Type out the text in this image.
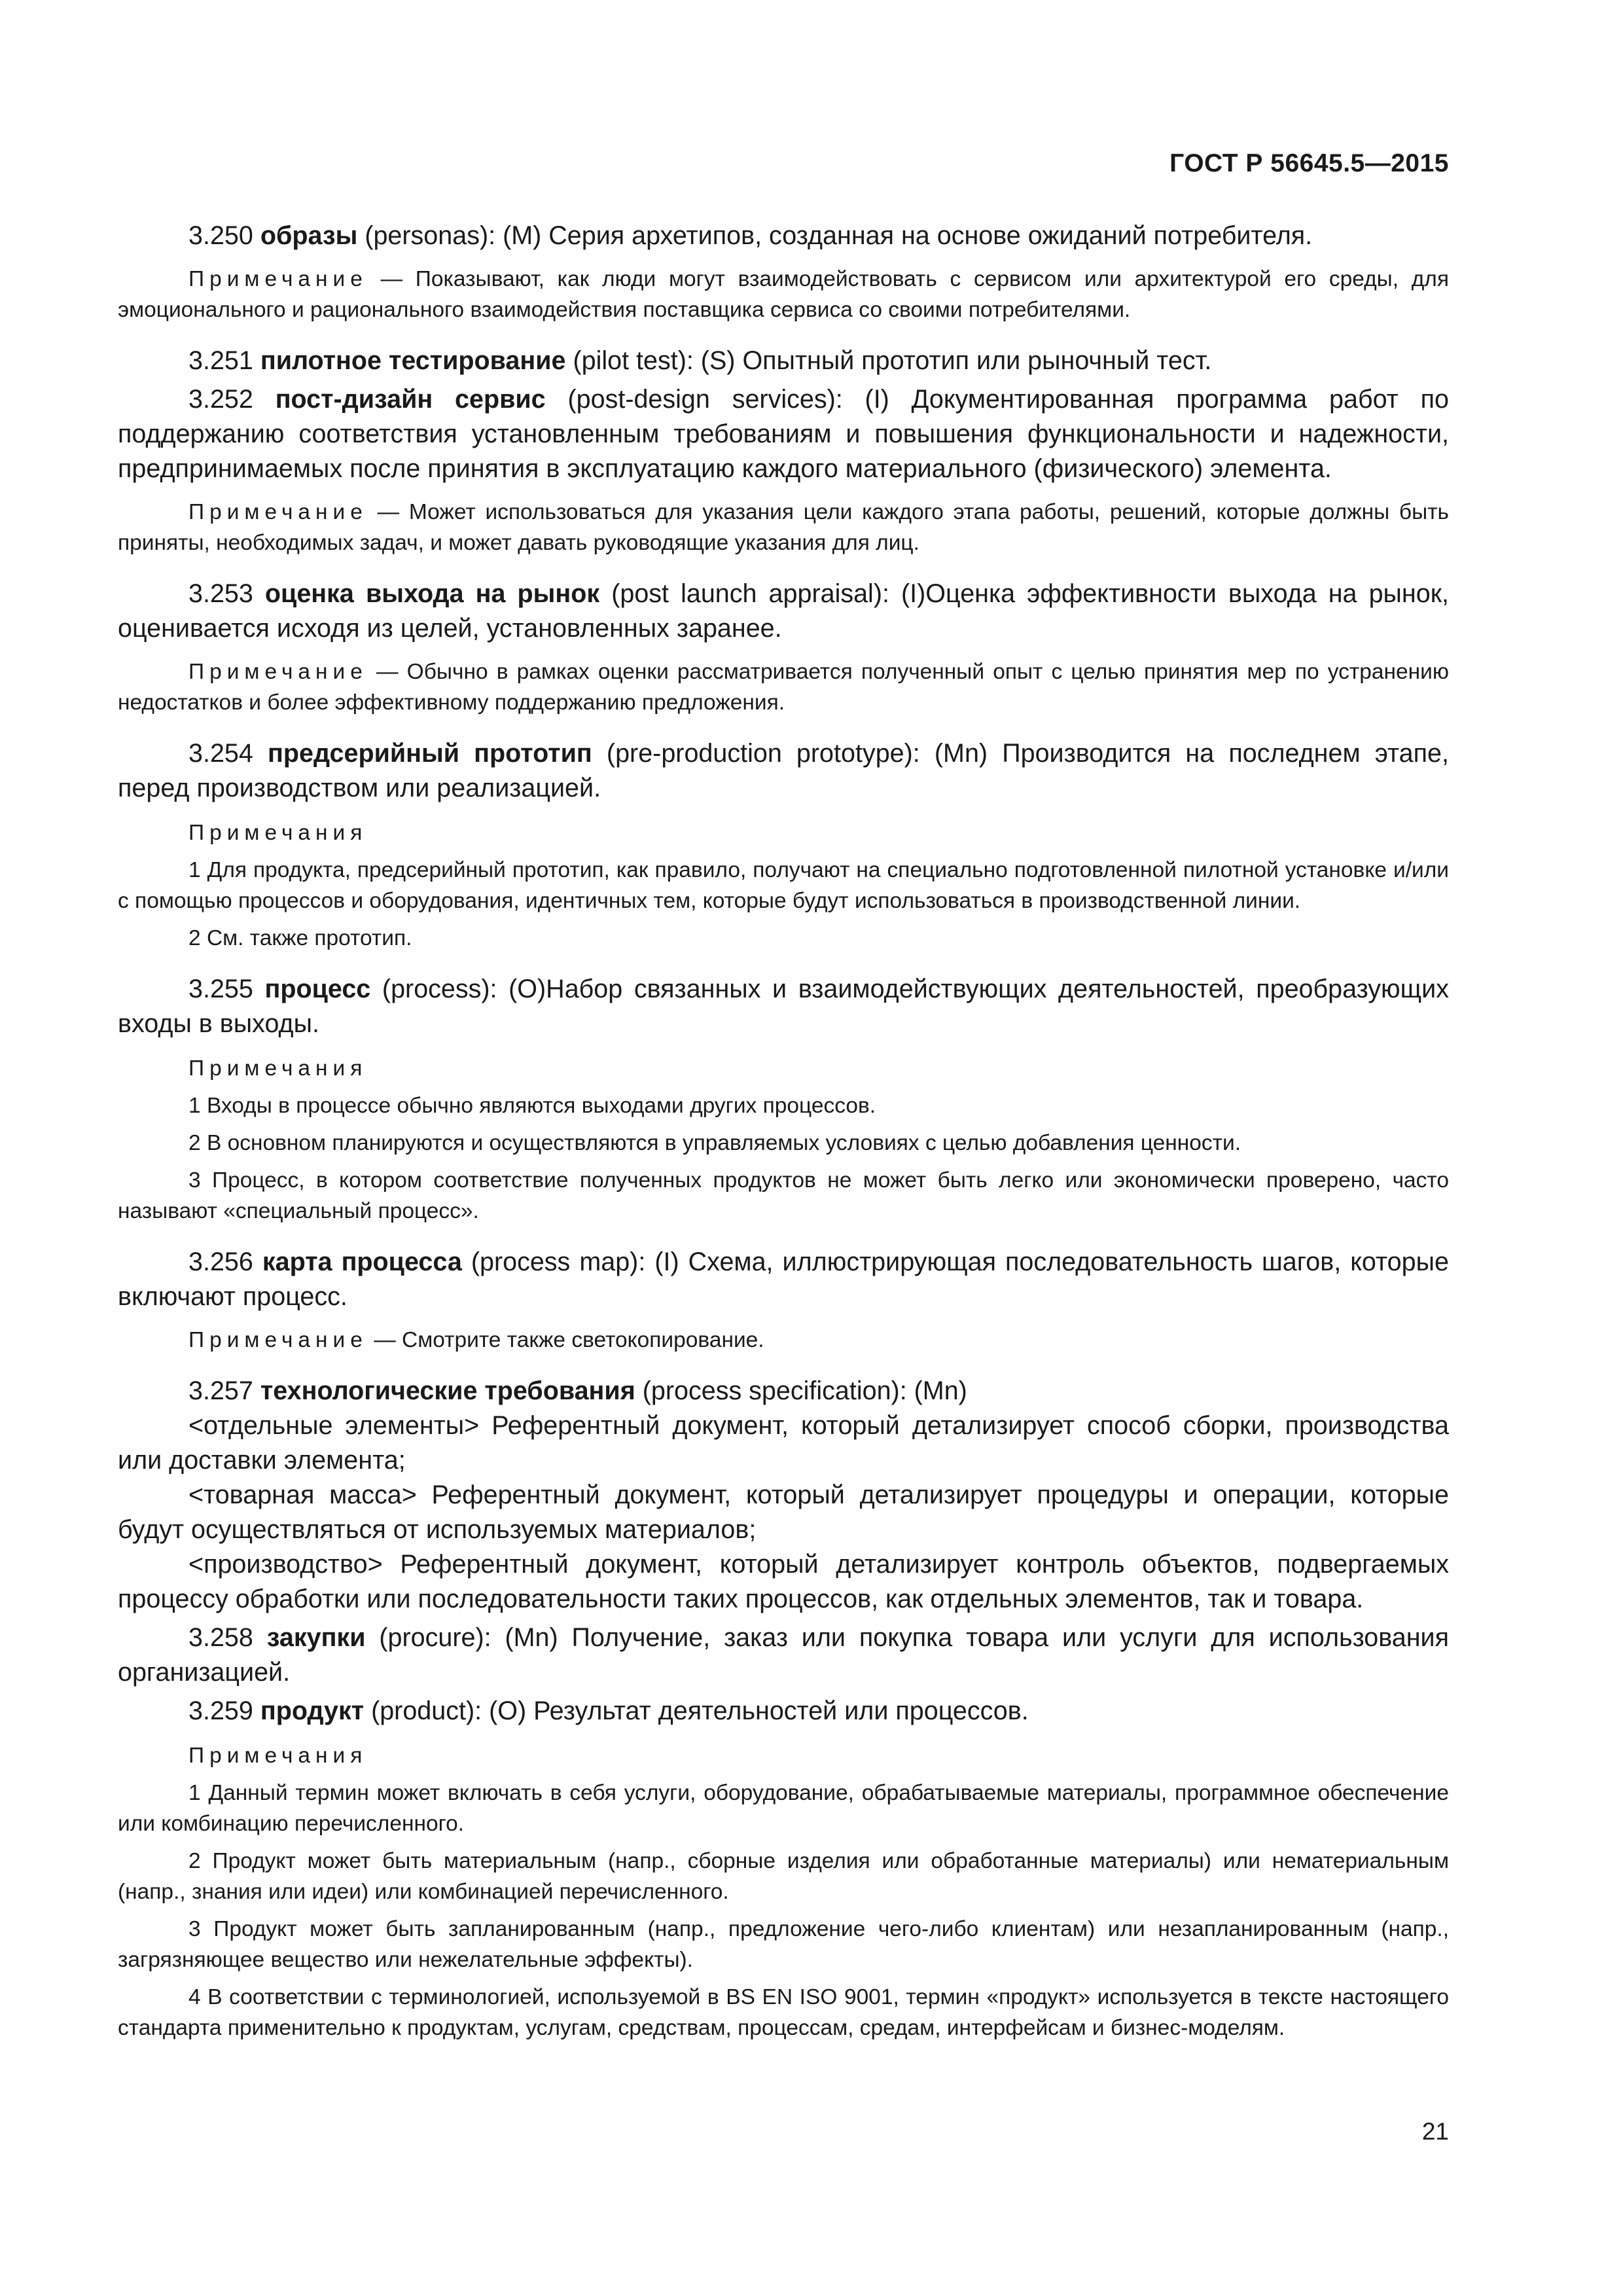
ГОСТ Р 56645.5—2015

3.250 образы (personas): (M) Серия архетипов, созданная на основе ожиданий потребителя.

Примечание — Показывают, как люди могут взаимодействовать с сервисом или архитектурой его среды, для эмоционального и рационального взаимодействия поставщика сервиса со своими потребителями.

3.251 пилотное тестирование (pilot test): (S) Опытный прототип или рыночный тест.

3.252 пост-дизайн сервис (post-design services): (I) Документированная программа работ по поддержанию соответствия установленным требованиям и повышения функциональности и надежности, предпринимаемых после принятия в эксплуатацию каждого материального (физического) элемента.

Примечание — Может использоваться для указания цели каждого этапа работы, решений, которые должны быть приняты, необходимых задач, и может давать руководящие указания для лиц.

3.253 оценка выхода на рынок (post launch appraisal): (I)Оценка эффективности выхода на рынок, оценивается исходя из целей, установленных заранее.

Примечание — Обычно в рамках оценки рассматривается полученный опыт с целью принятия мер по устранению недостатков и более эффективному поддержанию предложения.

3.254 предсерийный прототип (pre-production prototype): (Mn) Производится на последнем этапе, перед производством или реализацией.

Примечания

1 Для продукта, предсерийный прототип, как правило, получают на специально подготовленной пилотной установке и/или с помощью процессов и оборудования, идентичных тем, которые будут использоваться в производственной линии.

2 См. также прототип.

3.255 процесс (process): (О)Набор связанных и взаимодействующих деятельностей, преобразующих входы в выходы.

Примечания

1 Входы в процессе обычно являются выходами других процессов.

2 В основном планируются и осуществляются в управляемых условиях с целью добавления ценности.

3 Процесс, в котором соответствие полученных продуктов не может быть легко или экономически проверено, часто называют «специальный процесс».

3.256 карта процесса (process map): (I) Схема, иллюстрирующая последовательность шагов, которые включают процесс.

Примечание — Смотрите также светокопирование.

3.257 технологические требования (process specification): (Mn)

<отдельные элементы> Референтный документ, который детализирует способ сборки, производства или доставки элемента;

<товарная масса> Референтный документ, который детализирует процедуры и операции, которые будут осуществляться от используемых материалов;

<производство> Референтный документ, который детализирует контроль объектов, подвергаемых процессу обработки или последовательности таких процессов, как отдельных элементов, так и товара.

3.258 закупки (procure): (Mn) Получение, заказ или покупка товара или услуги для использования организацией.

3.259 продукт (product): (О) Результат деятельностей или процессов.

Примечания

1 Данный термин может включать в себя услуги, оборудование, обрабатываемые материалы, программное обеспечение или комбинацию перечисленного.

2 Продукт может быть материальным (напр., сборные изделия или обработанные материалы) или нематериальным (напр., знания или идеи) или комбинацией перечисленного.

3 Продукт может быть запланированным (напр., предложение чего-либо клиентам) или незапланированным (напр., загрязняющее вещество или нежелательные эффекты).

4 В соответствии с терминологией, используемой в BS EN ISO 9001, термин «продукт» используется в тексте настоящего стандарта применительно к продуктам, услугам, средствам, процессам, средам, интерфейсам и бизнес-моделям.

21
